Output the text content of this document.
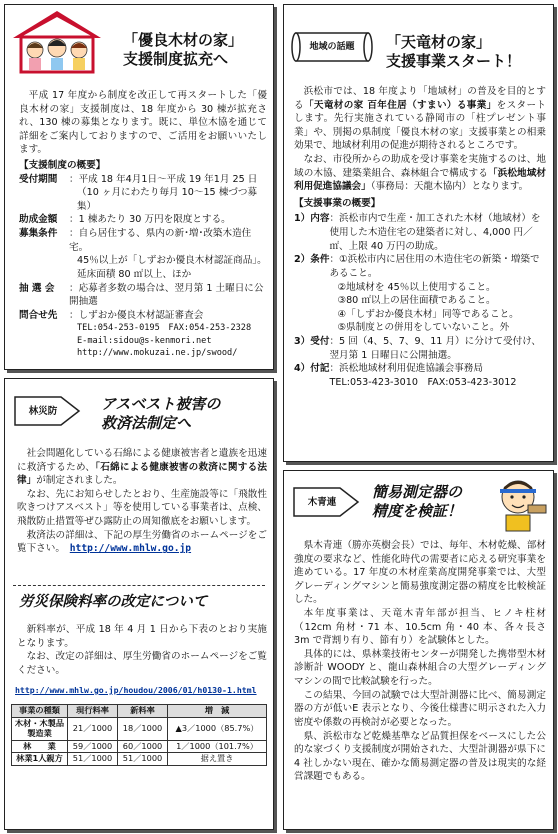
「優良木材の家」
支援制度拡充へ

平成 17 年度から制度を改正して再スタートした「優良木材の家」支援制度は、18 年度から 30 棟が拡充され、130 棟の募集となります。既に、単位木協を通じて詳細をご案内しておりますので、ご活用をお願いいたします。

【支援制度の概要】
受付期間	：平成 18 年4月1日～平成 19 年1月 25 日
（10 ヶ月にわたり毎月 10～15 棟づつ募集）
助成金額	：1 棟あたり 30 万円を限度とする。
募集条件	：自ら居住する、県内の新･増･改築木造住宅。
45％以上が「しずおか優良木材認証商品」。
延床面積 80 ㎡以上、ほか
抽 選 会	：応募者多数の場合は、翌月第 1 土曜日に公開抽選
問合せ先	：しずおか優良木材認証審査会
TEL:054-253-0195　FAX:054-253-2328
E-mail:sidou@s-kenmori.net
http://www.mokuzai.ne.jp/swood/
林災防	アスベスト被害の
救済法制定へ

社会問題化している石綿による健康被害者と遺族を迅速に救済するため、「石綿による健康被害の救済に関する法律」が制定されました。

なお、先にお知らせしたとおり、生産施設等に「飛散性吹きつけアスベスト」等を使用している事業者は、点検、飛散防止措置等ぜひ露防止の周知徹底をお願いします。

救済法の詳細は、下記の厚生労働省のホームページをご覧下さい。　 http://www.mhlw.go.jp

労災保険料率の改定について

新料率が、平成 18 年 4 月 1 日から下表のとおり実施となります。

なお、改定の詳細は、厚生労働省のホームページをご覧ください。

http://www.mhlw.go.jp/houdou/2006/01/h0130-1.html
事業の種類	現行料率	新料率	増　減
木材・木製品製造業	21／1000	18／1000	▲3／1000（85.7%）
林　　業	59／1000	60／1000	1／1000（101.7%）
林業1人親方	51／1000	51／1000	据え置き
地域の話題	「天竜材の家」
支援事業スタート！

浜松市では、18 年度より「地域材」の普及を目的とする「天竜材の家 百年住居（すまい）る事業」をスタートします。先行実施されている静岡市の「柱プレゼント事業」や、別掲の県制度「優良木材の家」支援事業との相乗効果で、地域材利用の促進が期待されるところです。

なお、市役所からの助成を受け事業を実施するのは、地域の木協、建築業組合、森林組合で構成する「浜松地域材利用促進協議会」（事務局：天龍木協内）となります。

【支援事業の概要】
1）内容 ：浜松市内で生産・加工された木材（地域材）を使用した木造住宅の建築者に対し、4,000 円／㎡、上限 40 万円の助成。
2）条件 ：①浜松市内に居住用の木造住宅の新築・増築であること。
②地域材を 45％以上使用すること。
③80 ㎡以上の居住面積であること。
④「しずおか優良木材」同等であること。
⑤県制度との併用をしていないこと。外
3）受付 ：5 回（4、5、7、9、11 月）に分けて受付け、翌月第 1 日曜日に公開抽選。
4）付記 ：浜松地域材利用促進協議会事務局
TEL:053-423-3010　FAX:053-423-3012
木青連
簡易測定器の
精度を検証！

県木青連（勝亦英樹会長）では、毎年、木材乾燥、部材強度の要求など、性能化時代の需要者に応える研究事業を進めている。17 年度の木材産業高度開発事業では、大型グレーディングマシンと簡易強度測定器の精度を比較検証した。

本年度事業は、天竜木青年部が担当、ヒノキ柱材（12cm 角材・71 本、10.5cm 角・40 本、各々長さ 3m で背割り有り、節有り）を試験体とした。

具体的には、県林業技術センターが開発した携帯型木材診断計 WOODY と、龍山森林組合の大型グレーディングマシンの間で比較試験を行った。

この結果、今回の試験では大型計測器に比べ、簡易測定器の方が低いE 表示となり、今後仕様書に明示された入力密度や係数の再検討が必要となった。

県、浜松市など乾燥基準など品質担保をベースにした公的な家づくり支援制度が開始された、大型計測器が県下に 4 社しかない現在、確かな簡易測定器の普及は現実的な経営課題でもある。
